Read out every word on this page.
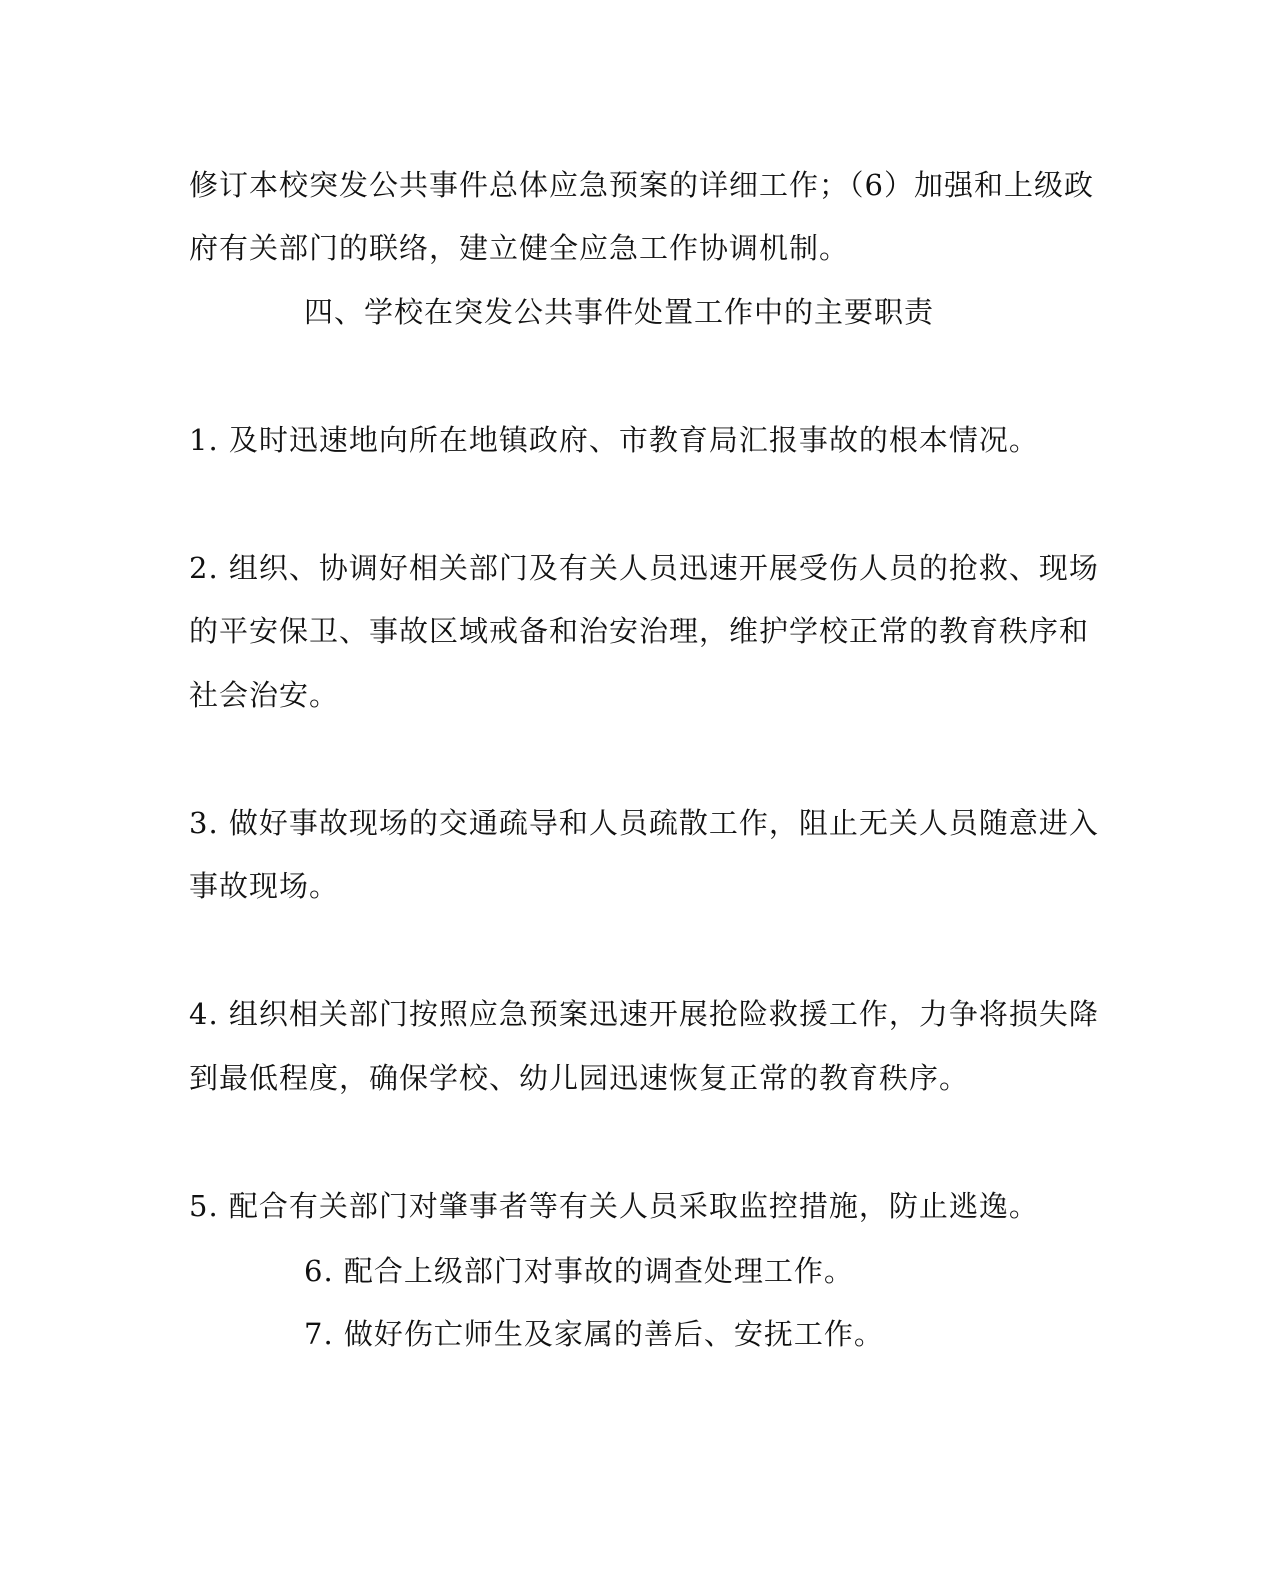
修订本校突发公共事件总体应急预案的详细工作；（6）加强和上级政
府有关部门的联络，建立健全应急工作协调机制。
四、学校在突发公共事件处置工作中的主要职责
1. 及时迅速地向所在地镇政府、市教育局汇报事故的根本情况。
2. 组织、协调好相关部门及有关人员迅速开展受伤人员的抢救、现场
的平安保卫、事故区域戒备和治安治理，维护学校正常的教育秩序和
社会治安。
3. 做好事故现场的交通疏导和人员疏散工作，阻止无关人员随意进入
事故现场。
4. 组织相关部门按照应急预案迅速开展抢险救援工作，力争将损失降
到最低程度，确保学校、幼儿园迅速恢复正常的教育秩序。
5. 配合有关部门对肇事者等有关人员采取监控措施，防止逃逸。
6. 配合上级部门对事故的调查处理工作。
7. 做好伤亡师生及家属的善后、安抚工作。
